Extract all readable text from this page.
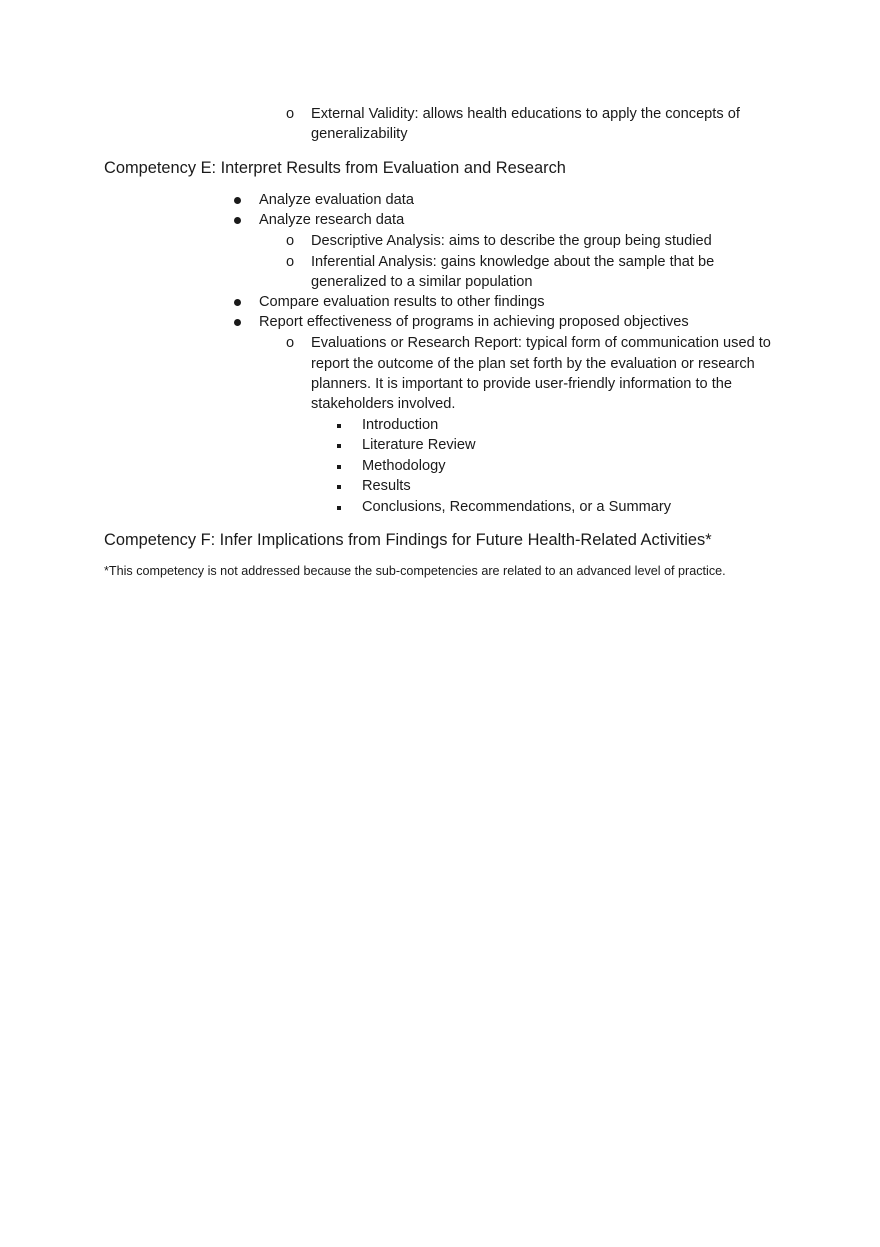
o External Validity: allows health educations to apply the concepts of
generalizability
Competency E: Interpret Results from Evaluation and Research
Analyze evaluation data
Analyze research data
o Descriptive Analysis: aims to describe the group being studied
o Inferential Analysis: gains knowledge about the sample that be
generalized to a similar population
Compare evaluation results to other findings
Report effectiveness of programs in achieving proposed objectives
o Evaluations or Research Report: typical form of communication used to
report the outcome of the plan set forth by the evaluation or research
planners. It is important to provide user-friendly information to the
stakeholders involved.
Introduction
Literature Review
Methodology
Results
Conclusions, Recommendations, or a Summary
Competency F: Infer Implications from Findings for Future Health-Related Activities*
*This competency is not addressed because the sub-competencies are related to an advanced level of practice.
